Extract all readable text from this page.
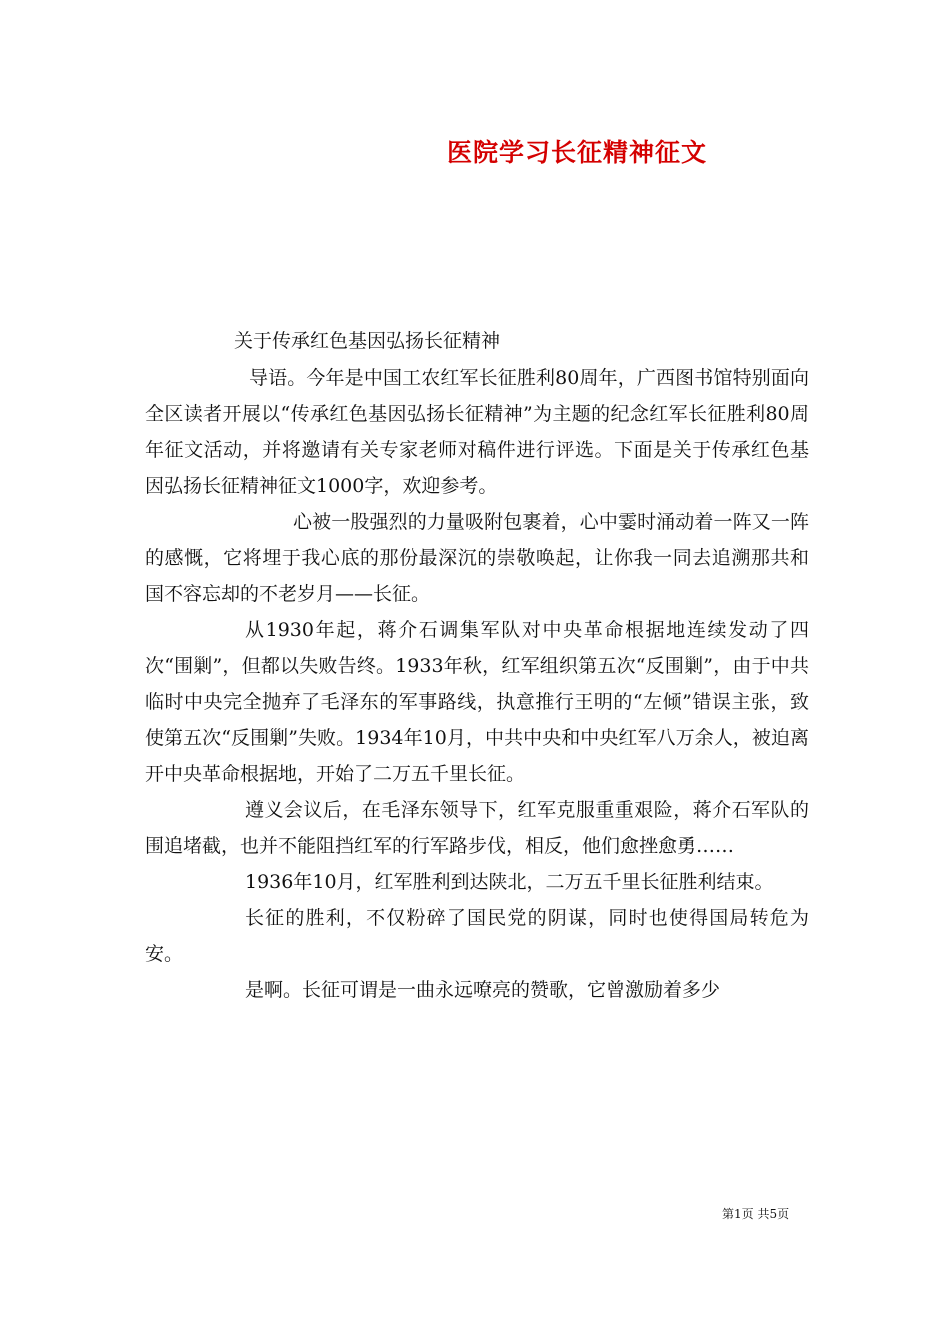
医院学习长征精神征文
关于传承红色基因弘扬长征精神

导语。今年是中国工农红军长征胜利80周年，广西图书馆特别面向全区读者开展以“传承红色基因弘扬长征精神”为主题的纪念红军长征胜利80周年征文活动，并将邀请有关专家老师对稿件进行评选。下面是关于传承红色基因弘扬长征精神征文1000字，欢迎参考。

心被一股强烈的力量吸附包裹着，心中霎时涌动着一阵又一阵的感慨，它将埋于我心底的那份最深沉的崇敬唤起，让你我一同去追溯那共和国不容忘却的不老岁月——长征。

从1930年起，蒋介石调集军队对中央革命根据地连续发动了四次“围剿”，但都以失败告终。1933年秋，红军组织第五次“反围剿”，由于中共临时中央完全抛弃了毛泽东的军事路线，执意推行王明的“左倾”错误主张，致使第五次“反围剿”失败。1934年10月，中共中央和中央红军八万余人，被迫离开中央革命根据地，开始了二万五千里长征。

遵义会议后，在毛泽东领导下，红军克服重重艰险，蒋介石军队的围追堵截，也并不能阻挡红军的行军路步伐，相反，他们愈挫愈勇……

1936年10月，红军胜利到达陕北，二万五千里长征胜利结束。

长征的胜利，不仅粉碎了国民党的阴谋，同时也使得国局转危为安。

是啊。长征可谓是一曲永远嘹亮的赞歌，它曾激励着多少

第1页 共5页
